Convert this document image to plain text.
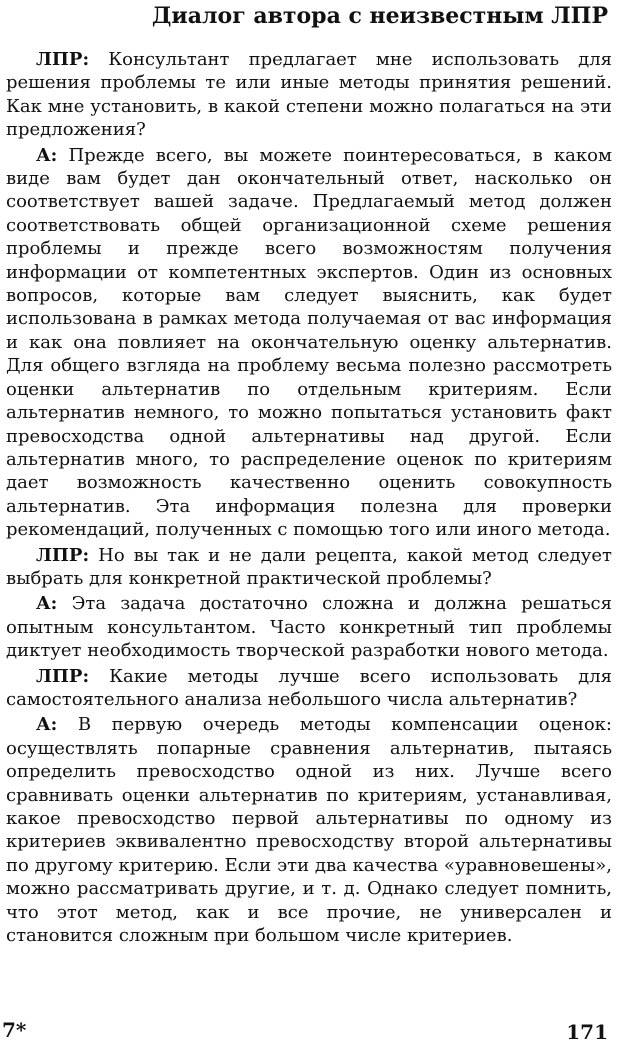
Диалог автора с неизвестным ЛПР

ЛПР: Консультант предлагает мне использовать для решения проблемы те или иные методы принятия решений. Как мне установить, в какой степени можно полагаться на эти предложения?

А: Прежде всего, вы можете поинтересоваться, в каком виде вам будет дан окончательный ответ, насколько он соответствует вашей задаче. Предлагаемый метод должен соответствовать общей организационной схеме решения проблемы и прежде всего возможностям получения информации от компетентных экспертов. Один из основных вопросов, которые вам следует выяснить, как будет использована в рамках метода получаемая от вас информация и как она повлияет на окончательную оценку альтернатив. Для общего взгляда на проблему весьма полезно рассмотреть оценки альтернатив по отдельным критериям. Если альтернатив немного, то можно попытаться установить факт превосходства одной альтернативы над другой. Если альтернатив много, то распределение оценок по критериям дает возможность качественно оценить совокупность альтернатив. Эта информация полезна для проверки рекомендаций, полученных с помощью того или иного метода.

ЛПР: Но вы так и не дали рецепта, какой метод следует выбрать для конкретной практической проблемы?

А: Эта задача достаточно сложна и должна решаться опытным консультантом. Часто конкретный тип проблемы диктует необходимость творческой разработки нового метода.

ЛПР: Какие методы лучше всего использовать для самостоятельного анализа небольшого числа альтернатив?

А: В первую очередь методы компенсации оценок: осуществлять попарные сравнения альтернатив, пытаясь определить превосходство одной из них. Лучше всего сравнивать оценки альтернатив по критериям, устанавливая, какое превосходство первой альтернативы по одному из критериев эквивалентно превосходству второй альтернативы по другому критерию. Если эти два качества «уравновешены», можно рассматривать другие, и т. д. Однако следует помнить, что этот метод, как и все прочие, не универсален и становится сложным при большом числе критериев.

7*	171
